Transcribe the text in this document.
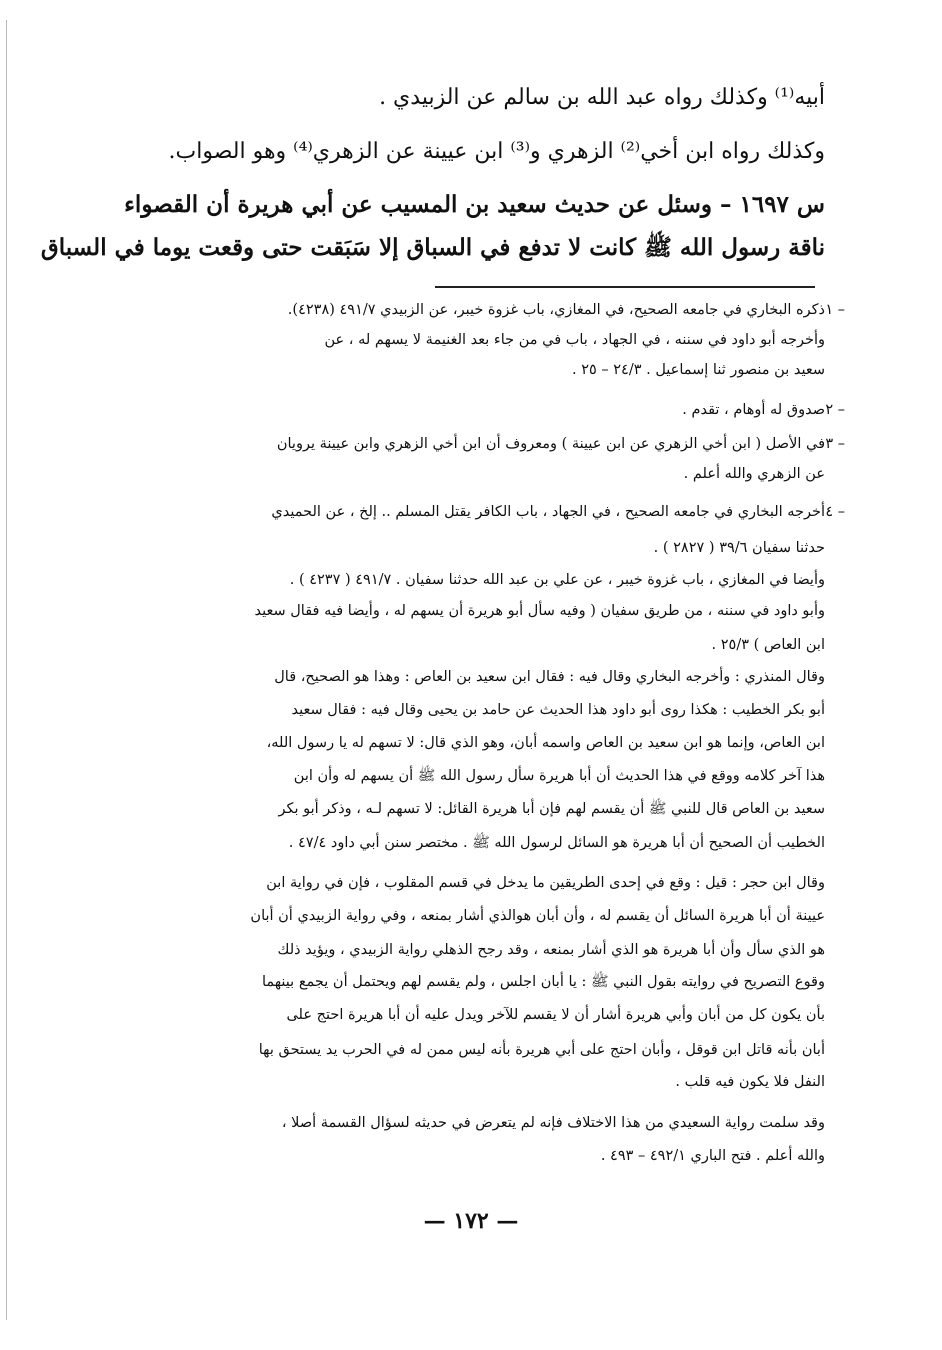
أبيه⁽¹⁾ وكذلك رواه عبد الله بن سالم عن الزبيدي .
وكذلك رواه ابن أخي⁽²⁾ الزهري و⁽³⁾ ابن عيينة عن الزهري⁽⁴⁾ وهو الصواب.
س ١٦٩٧ – وسئل عن حديث سعيد بن المسيب عن أبي هريرة أن القصواء
ناقة رسول الله ﷺ كانت لا تدفع في السباق إلا سَبَقت حتى وقعت يوما في السباق
١ –
ذكره البخاري في جامعه الصحيح، في المغازي، باب غزوة خيبر، عن الزبيدي ٤٩١/٧ (٤٢٣٨).
وأخرجه أبو داود في سننه ، في الجهاد ، باب في من جاء بعد الغنيمة لا يسهم له ، عن
سعيد بن منصور ثنا إسماعيل . ٢٤/٣ – ٢٥ .
٢ –
صدوق له أوهام ، تقدم .
٣ –
في الأصل ( ابن أخي الزهري عن ابن عيينة ) ومعروف أن ابن أخي الزهري وابن عيينة يرويان
عن الزهري والله أعلم .
٤ –
أخرجه البخاري في جامعه الصحيح ، في الجهاد ، باب الكافر يقتل المسلم .. إلخ ، عن الحميدي
حدثنا سفيان ٣٩/٦ ( ٢٨٢٧ ) .
وأيضا في المغازي ، باب غزوة خيبر ، عن علي بن عبد الله حدثنا سفيان . ٤٩١/٧ ( ٤٢٣٧ ) .
وأبو داود في سننه ، من طريق سفيان ( وفيه سأل أبو هريرة أن يسهم له ، وأيضا فيه فقال سعيد
ابن العاص ) ٢٥/٣ .
وقال المنذري : وأخرجه البخاري وقال فيه : فقال ابن سعيد بن العاص : وهذا هو الصحيح، قال
أبو بكر الخطيب : هكذا روى أبو داود هذا الحديث عن حامد بن يحيى وقال فيه : فقال سعيد
ابن العاص، وإنما هو ابن سعيد بن العاص واسمه أبان، وهو الذي قال: لا تسهم له يا رسول الله،
هذا آخر كلامه ووقع في هذا الحديث أن أبا هريرة سأل رسول الله ﷺ أن يسهم له وأن ابن
سعيد بن العاص قال للنبي ﷺ أن يقسم لهم فإن أبا هريرة القائل: لا تسهم لـه ، وذكر أبو بكر
الخطيب أن الصحيح أن أبا هريرة هو السائل لرسول الله ﷺ . مختصر سنن أبي داود ٤٧/٤ .
وقال ابن حجر : قيل : وقع في إحدى الطريقين ما يدخل في قسم المقلوب ، فإن في رواية ابن
عيينة أن أبا هريرة السائل أن يقسم له ، وأن أبان هوالذي أشار بمنعه ، وفي رواية الزبيدي أن أبان
هو الذي سأل وأن أبا هريرة هو الذي أشار بمنعه ، وقد رجح الذهلي رواية الزبيدي ، ويؤيد ذلك
وقوع التصريح في روايته بقول النبي ﷺ : يا أبان اجلس ، ولم يقسم لهم ويحتمل أن يجمع بينهما
بأن يكون كل من أبان وأبي هريرة أشار أن لا يقسم للآخر ويدل عليه أن أبا هريرة احتج على
أبان بأنه قاتل ابن قوقل ، وأبان احتج على أبي هريرة بأنه ليس ممن له في الحرب يد يستحق بها
النفل فلا يكون فيه قلب .
وقد سلمت رواية السعيدي من هذا الاختلاف فإنه لم يتعرض في حديثه لسؤال القسمة أصلا ،
والله أعلم . فتح الباري ٤٩٢/١ – ٤٩٣ .
— ١٧٢ —
